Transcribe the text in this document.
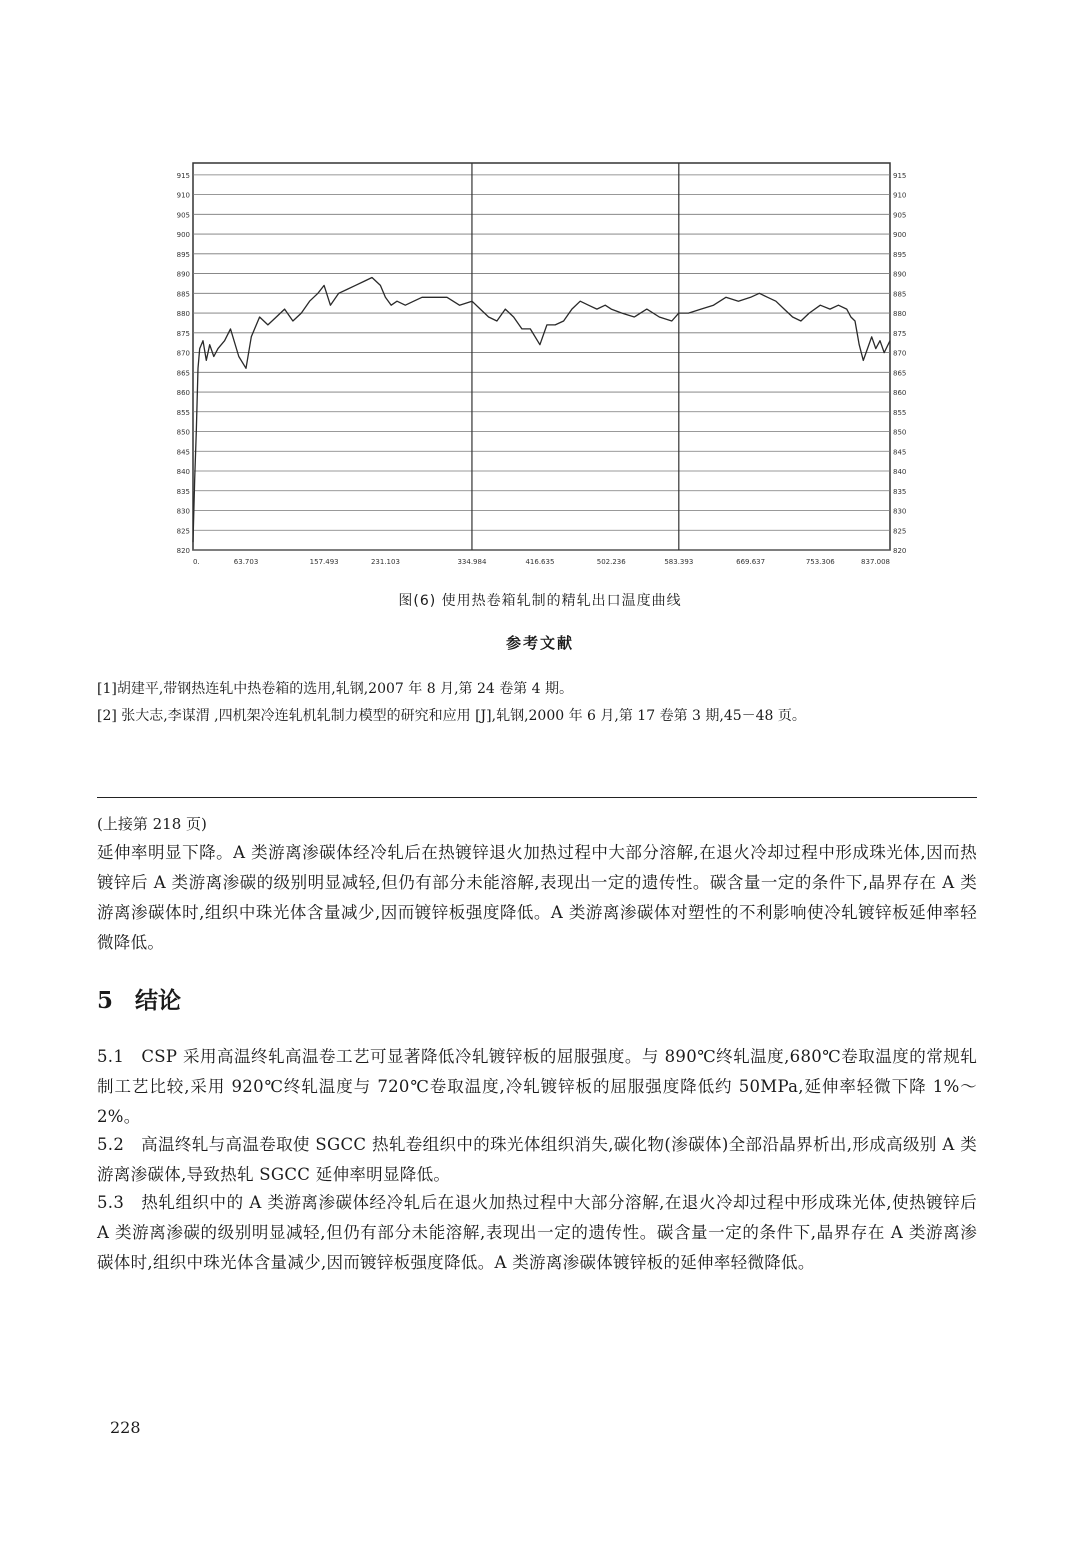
915	915
910	910
905	905
900	900
895	895
890	890
885	885
880	880
875	875
870	870
865	865
860	860
855	855
850	850
845	845
840	840
835	835
830	830
825	825
820	820
0.	63.703	157.493	231.103	334.984	416.635	502.236	583.393	669.637	753.306	837.008
图(6) 使用热卷箱轧制的精轧出口温度曲线
参考文献
[1]胡建平,带钢热连轧中热卷箱的选用,轧钢,2007 年 8 月,第 24 卷第 4 期。
[2] 张大志,李谋渭 ,四机架冷连轧机轧制力模型的研究和应用 [J],轧钢,2000 年 6 月,第 17 卷第 3 期,45－48 页。
(上接第 218 页)
延伸率明显下降。A 类游离渗碳体经冷轧后在热镀锌退火加热过程中大部分溶解,在退火冷却过程中形成珠光体,因而热镀锌后 A 类游离渗碳的级别明显减轻,但仍有部分未能溶解,表现出一定的遗传性。碳含量一定的条件下,晶界存在 A 类游离渗碳体时,组织中珠光体含量减少,因而镀锌板强度降低。A 类游离渗碳体对塑性的不利影响使冷轧镀锌板延伸率轻微降低。
5 结论
5.1　CSP 采用高温终轧高温卷工艺可显著降低冷轧镀锌板的屈服强度。与 890℃终轧温度,680℃卷取温度的常规轧制工艺比较,采用 920℃终轧温度与 720℃卷取温度,冷轧镀锌板的屈服强度降低约 50MPa,延伸率轻微下降 1%～2%。
5.2　高温终轧与高温卷取使 SGCC 热轧卷组织中的珠光体组织消失,碳化物(渗碳体)全部沿晶界析出,形成高级别 A 类游离渗碳体,导致热轧 SGCC 延伸率明显降低。
5.3　热轧组织中的 A 类游离渗碳体经冷轧后在退火加热过程中大部分溶解,在退火冷却过程中形成珠光体,使热镀锌后 A 类游离渗碳的级别明显减轻,但仍有部分未能溶解,表现出一定的遗传性。碳含量一定的条件下,晶界存在 A 类游离渗碳体时,组织中珠光体含量减少,因而镀锌板强度降低。A 类游离渗碳体镀锌板的延伸率轻微降低。
228
